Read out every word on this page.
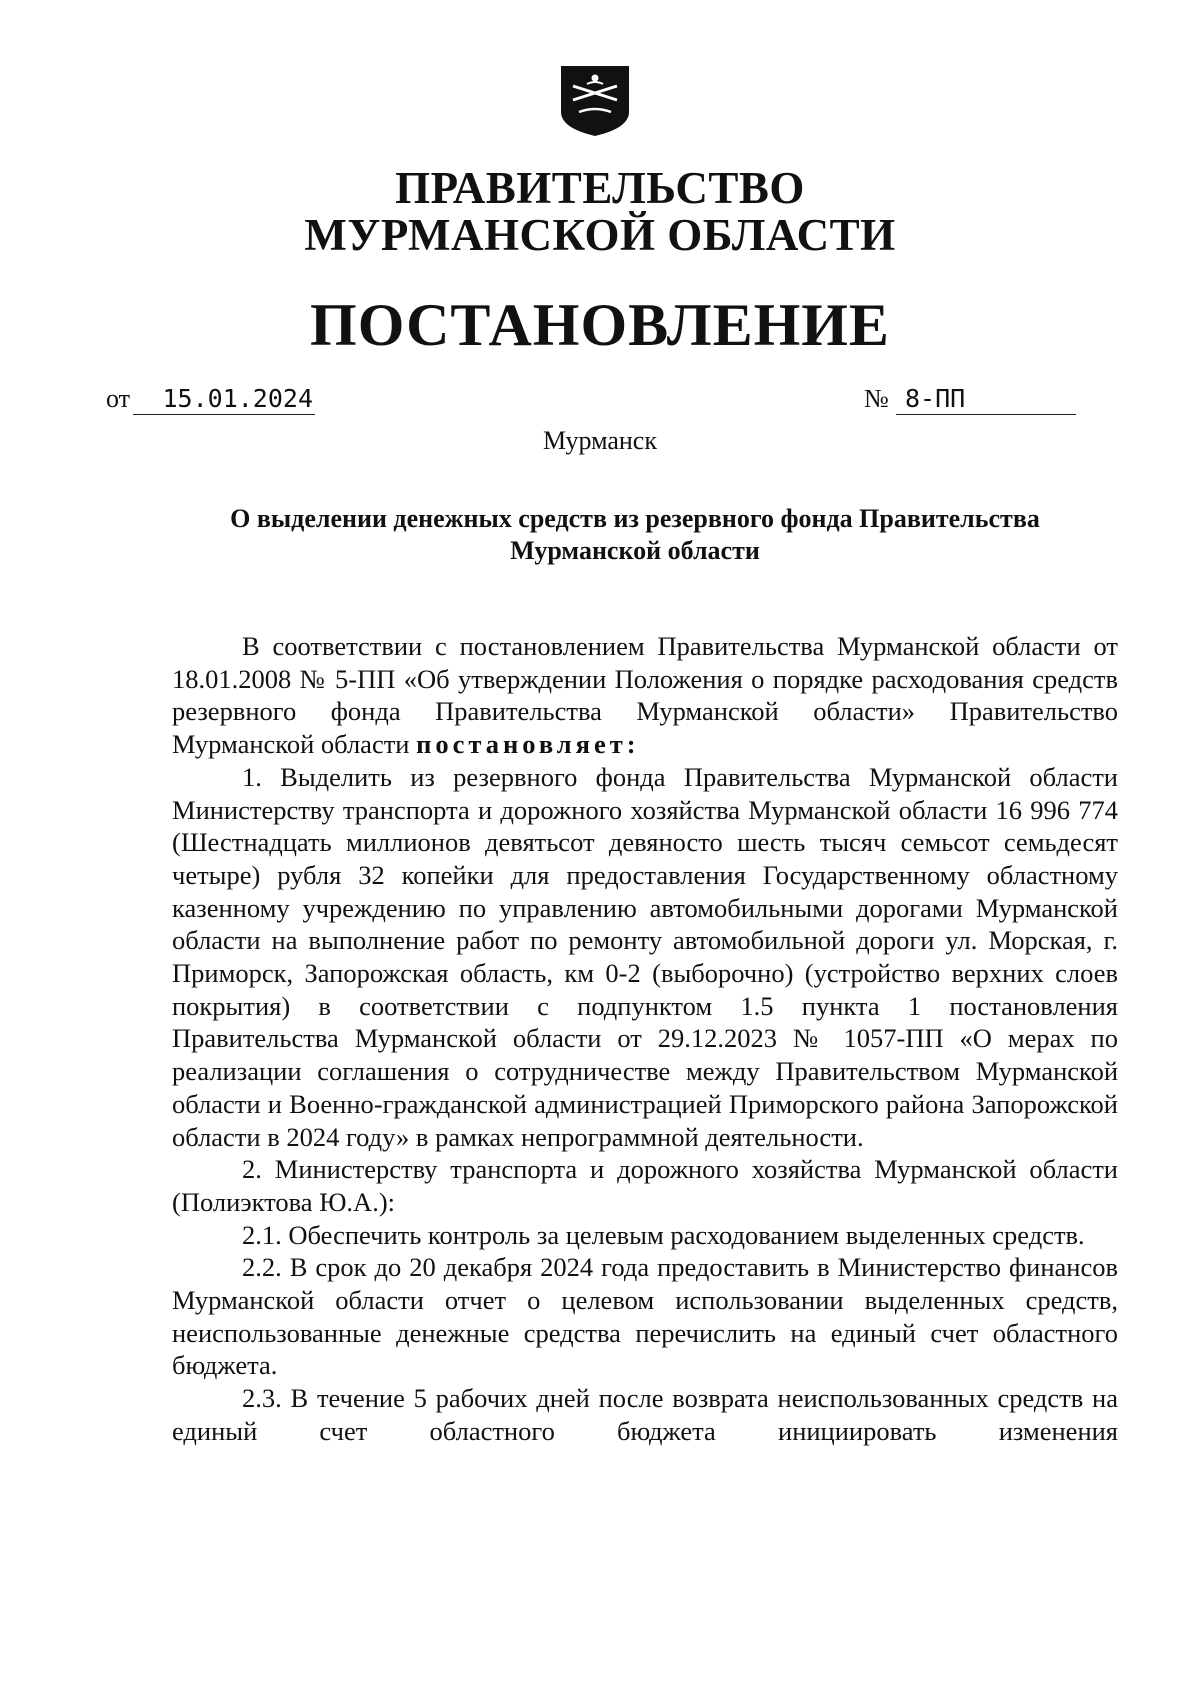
ПРАВИТЕЛЬСТВО
МУРМАНСКОЙ ОБЛАСТИ
ПОСТАНОВЛЕНИЕ
от	15.01.2024	№ 8-ПП
Мурманск
О выделении денежных средств из резервного фонда Правительства
Мурманской области

В соответствии с постановлением Правительства Мурманской области от 18.01.2008 № 5-ПП «Об утверждении Положения о порядке расходования средств резервного фонда Правительства Мурманской области» Правительство Мурманской области постановляет:

1. Выделить из резервного фонда Правительства Мурманской области Министерству транспорта и дорожного хозяйства Мурманской области 16 996 774 (Шестнадцать миллионов девятьсот девяносто шесть тысяч семьсот семьдесят четыре) рубля 32 копейки для предоставления Государственному областному казенному учреждению по управлению автомобильными дорогами Мурманской области на выполнение работ по ремонту автомобильной дороги ул. Морская, г. Приморск, Запорожская область, км 0-2 (выборочно) (устройство верхних слоев покрытия) в соответствии с подпунктом 1.5 пункта 1 постановления Правительства Мурманской области от 29.12.2023 № 1057-ПП «О мерах по реализации соглашения о сотрудничестве между Правительством Мурманской области и Военно-гражданской администрацией Приморского района Запорожской области в 2024 году» в рамках непрограммной деятельности.

2. Министерству транспорта и дорожного хозяйства Мурманской области (Полиэктова Ю.А.):

2.1. Обеспечить контроль за целевым расходованием выделенных средств.

2.2. В срок до 20 декабря 2024 года предоставить в Министерство финансов Мурманской области отчет о целевом использовании выделенных средств, неиспользованные денежные средства перечислить на единый счет областного бюджета.

2.3. В течение 5 рабочих дней после возврата неиспользованных средств на единый счет областного бюджета инициировать изменения
